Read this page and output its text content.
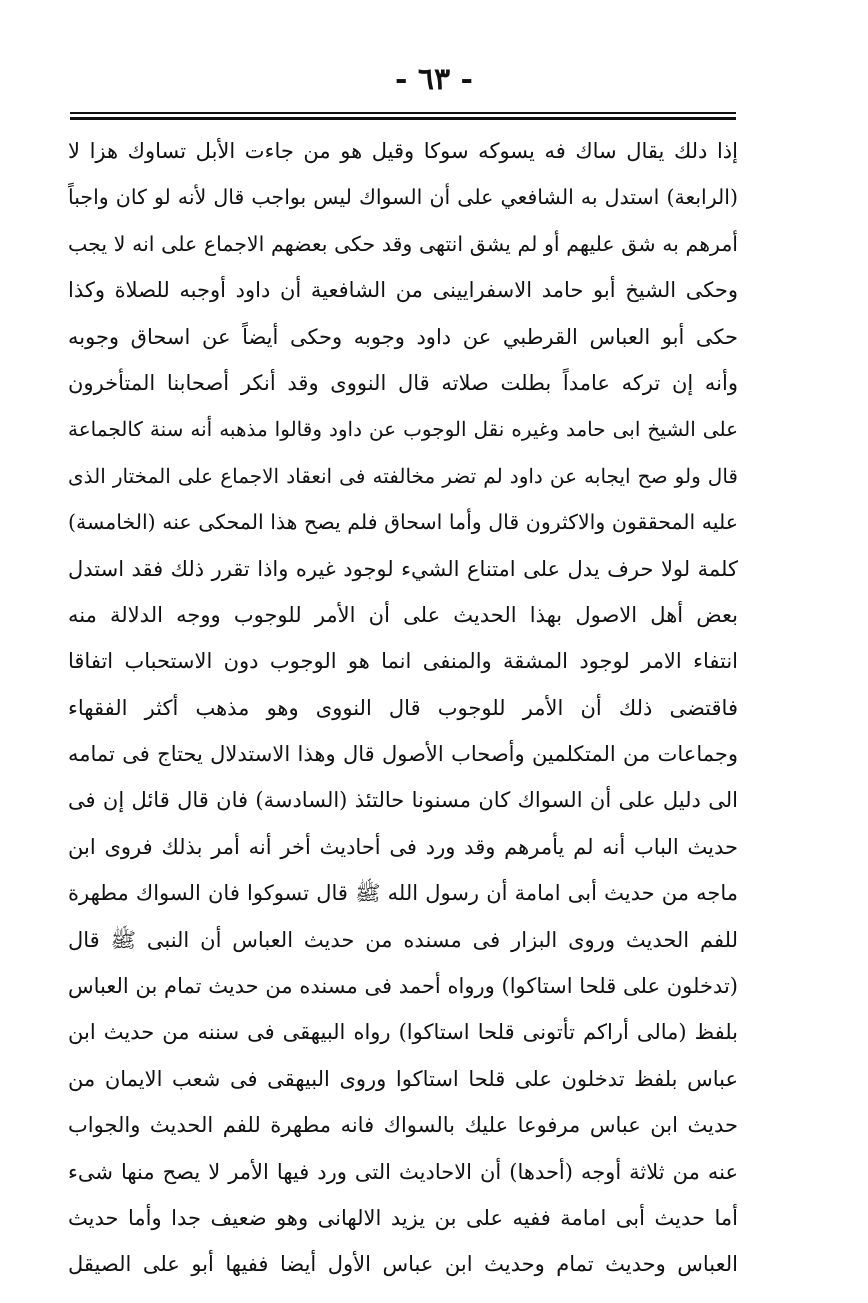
- ٦٣ -
إذا دلك يقال ساك فه يسوكه سوكا وقيل هو من جاءت الأبل تساوك هزا لا
(الرابعة) استدل به الشافعي على أن السواك ليس بواجب قال لأنه لو كان واجباً
أمرهم به شق عليهم أو لم يشق انتهى وقد حكى بعضهم الاجماع على انه لا يجب
وحكى الشيخ أبو حامد الاسفرايينى من الشافعية أن داود أوجبه للصلاة وكذا
حكى أبو العباس القرطبي عن داود وجوبه وحكى أيضاً عن اسحاق وجوبه
وأنه إن تركه عامداً بطلت صلاته قال النووى وقد أنكر أصحابنا المتأخرون
على الشيخ ابى حامد وغيره نقل الوجوب عن داود وقالوا مذهبه أنه سنة كالجماعة
قال ولو صح ايجابه عن داود لم تضر مخالفته فى انعقاد الاجماع على المختار الذى
عليه المحققون والاكثرون قال وأما اسحاق فلم يصح هذا المحكى عنه (الخامسة)
كلمة لولا حرف يدل على امتناع الشيء لوجود غيره واذا تقرر ذلك فقد استدل
بعض أهل الاصول بهذا الحديث على أن الأمر للوجوب ووجه الدلالة منه
انتفاء الامر لوجود المشقة والمنفى انما هو الوجوب دون الاستحباب اتفاقا
فاقتضى ذلك أن الأمر للوجوب قال النووى وهو مذهب أكثر الفقهاء
وجماعات من المتكلمين وأصحاب الأصول قال وهذا الاستدلال يحتاج فى تمامه
الى دليل على أن السواك كان مسنونا حالتئذ (السادسة) فان قال قائل إن فى
حديث الباب أنه لم يأمرهم وقد ورد فى أحاديث أخر أنه أمر بذلك فروى ابن
ماجه من حديث أبى امامة أن رسول الله ﷺ قال تسوكوا فان السواك مطهرة
للفم الحديث وروى البزار فى مسنده من حديث العباس أن النبى ﷺ قال
(تدخلون على قلحا استاكوا) ورواه أحمد فى مسنده من حديث تمام بن العباس
بلفظ (مالى أراكم تأتونى قلحا استاكوا) رواه البيهقى فى سننه من حديث ابن
عباس بلفظ تدخلون على قلحا استاكوا وروى البيهقى فى شعب الايمان من
حديث ابن عباس مرفوعا عليك بالسواك فانه مطهرة للفم الحديث والجواب
عنه من ثلاثة أوجه (أحدها) أن الاحاديث التى ورد فيها الأمر لا يصح منها شىء
أما حديث أبى امامة ففيه على بن يزيد الالهانى وهو ضعيف جدا وأما حديث
العباس وحديث تمام وحديث ابن عباس الأول أيضا ففيها أبو على الصيقل
